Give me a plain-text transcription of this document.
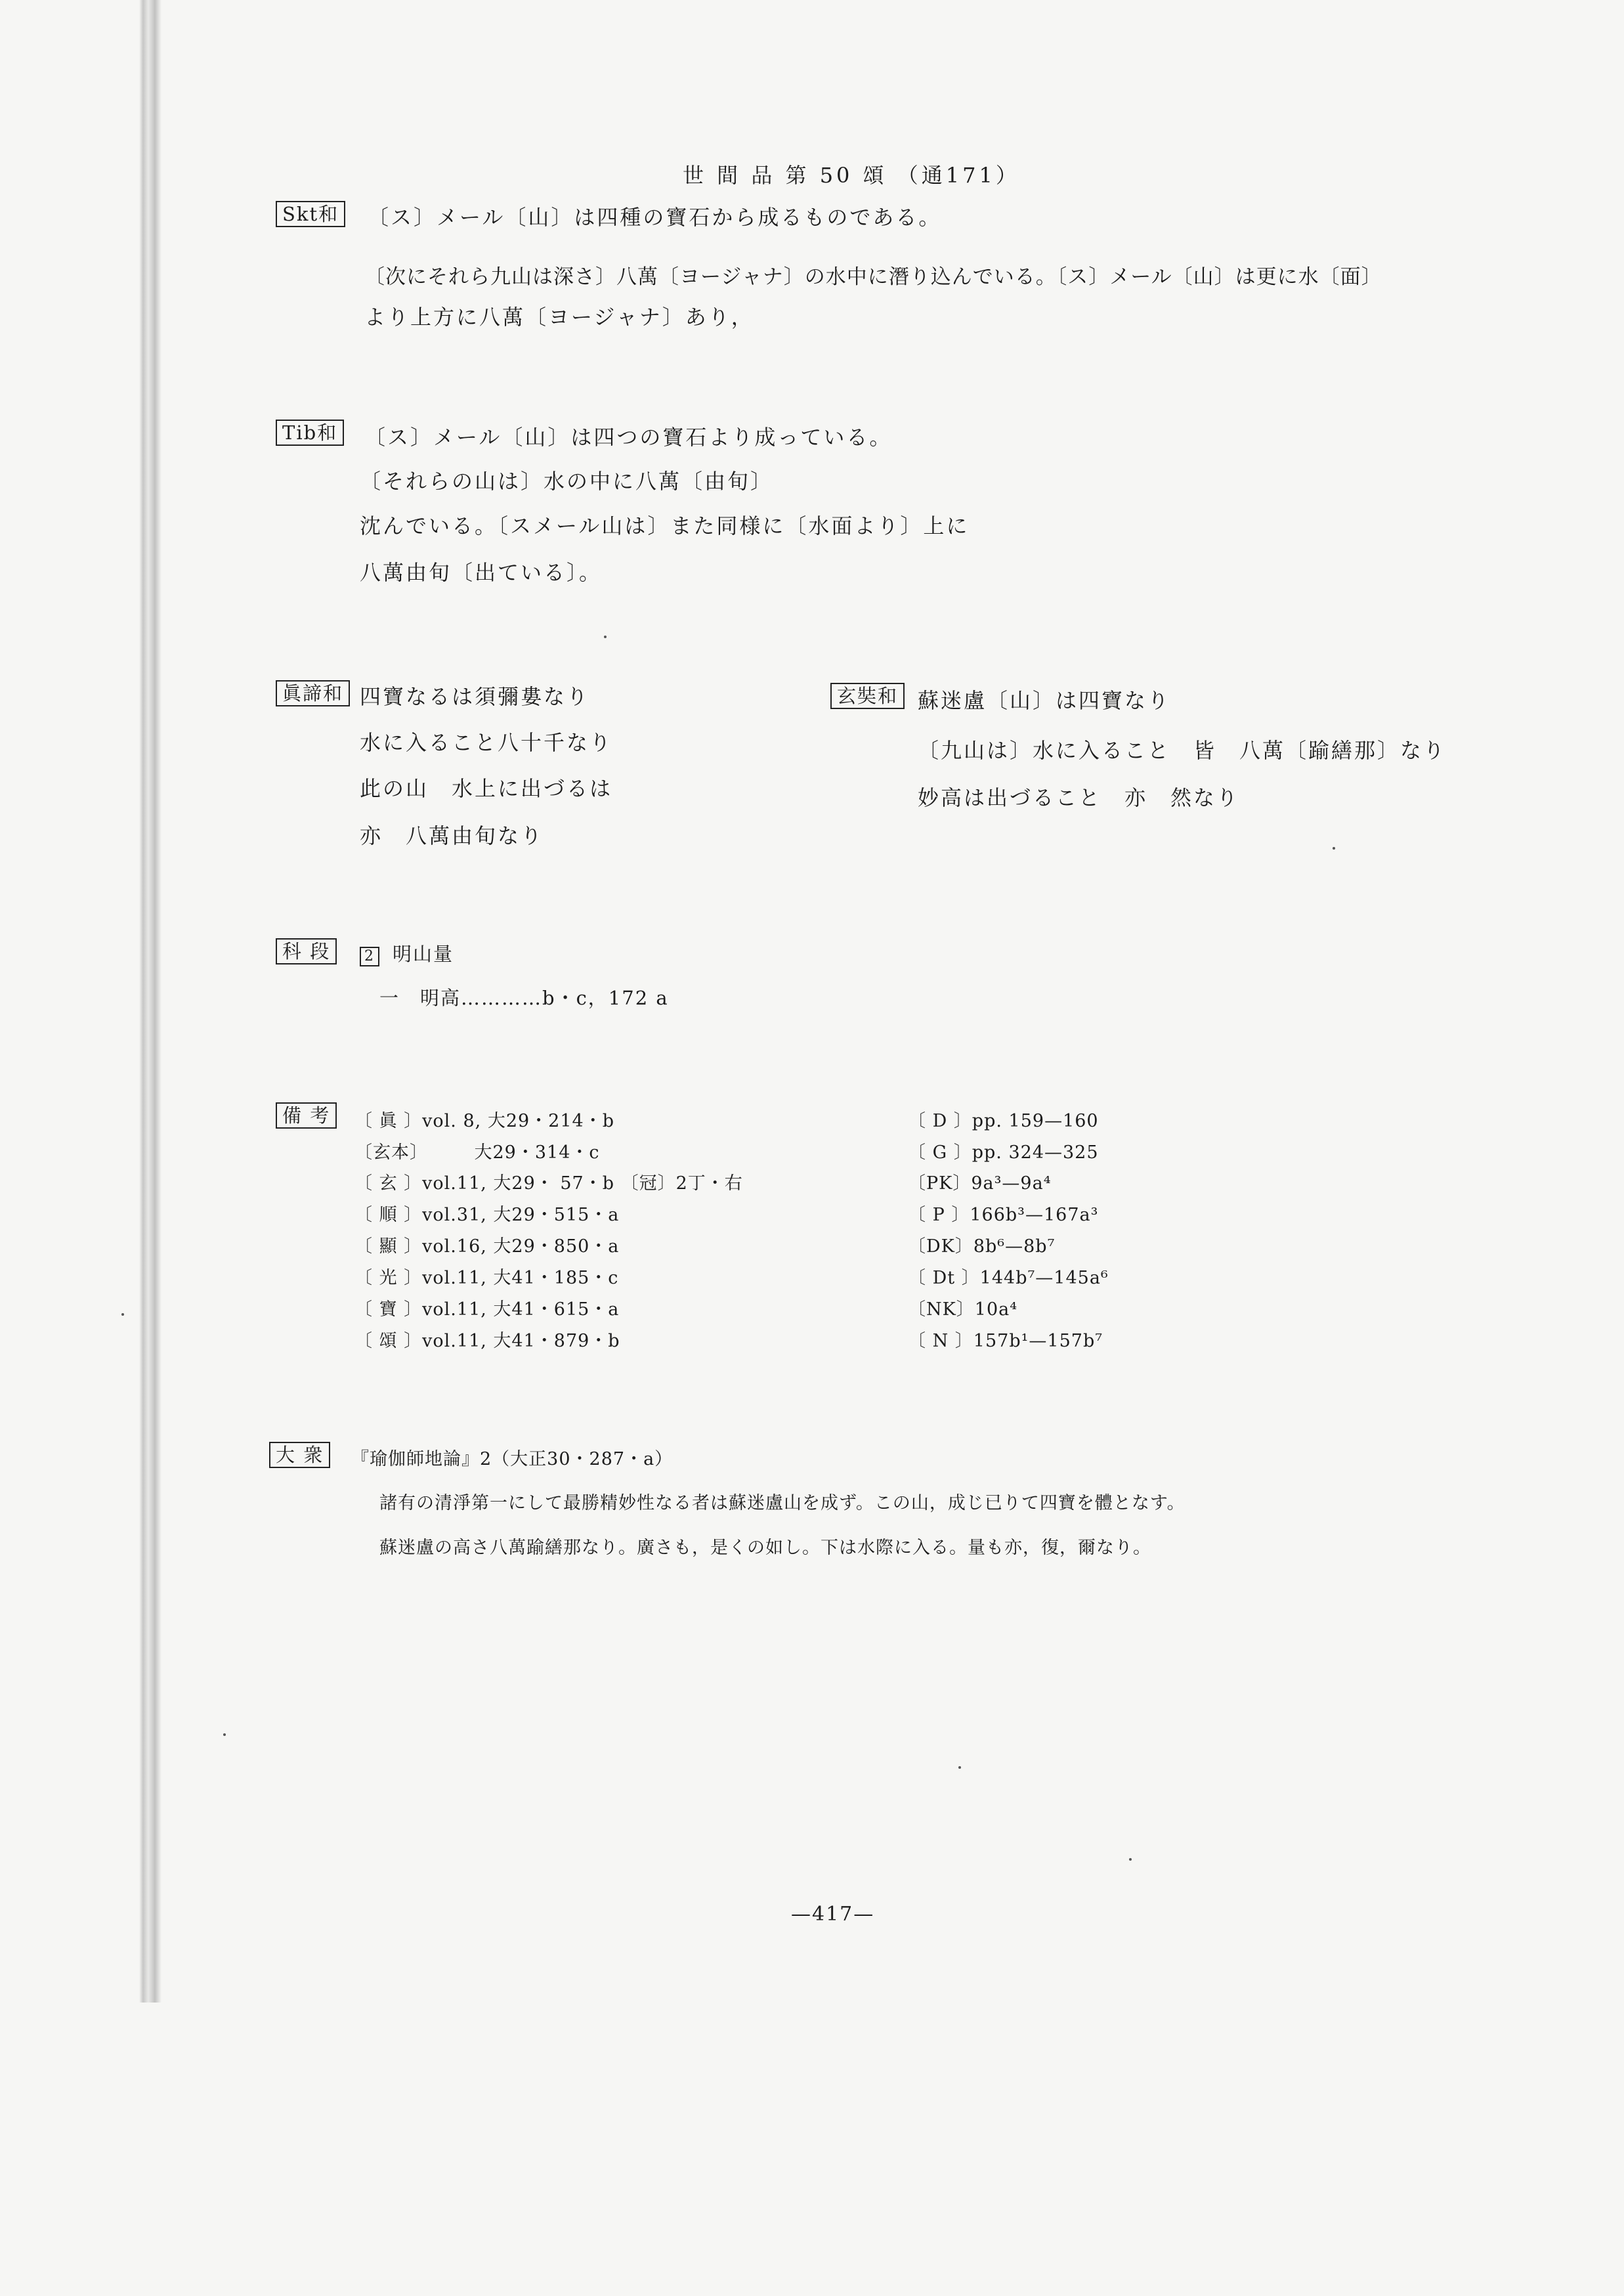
世 間 品 第 50 頌 （通171）
Skt和	〔ス〕メール〔山〕は四種の寶石から成るものである。
〔次にそれら九山は深さ〕八萬〔ヨージャナ〕の水中に潛り込んでいる。〔ス〕メール〔山〕は更に水〔面〕
より上方に八萬〔ヨージャナ〕あり，
Tib和	〔ス〕メール〔山〕は四つの寶石より成っている。
〔それらの山は〕水の中に八萬〔由旬〕
沈んでいる。〔スメール山は〕また同様に〔水面より〕上に
八萬由旬〔出ている〕。
眞諦和 四寶なるは須彌婁なり
水に入ること八十千なり
此の山　水上に出づるは
亦　八萬由旬なり
玄奘和 蘇迷盧〔山〕は四寶なり
〔九山は〕水に入ること　皆　八萬〔踰繕那〕なり
妙高は出づること　亦　然なり
科 段	2 明山量
一　明高…………b・c，172 a
備 考	〔 眞 〕vol. 8, 大29・214・b
〔玄本〕　　　大29・314・c
〔 玄 〕vol.11, 大29・ 57・b 〔冠〕2丁・右
〔 順 〕vol.31, 大29・515・a
〔 顯 〕vol.16, 大29・850・a
〔 光 〕vol.11, 大41・185・c
〔 寶 〕vol.11, 大41・615・a
〔 頌 〕vol.11, 大41・879・b
〔 D 〕pp. 159—160
〔 G 〕pp. 324—325
〔PK〕9a³—9a⁴
〔 P 〕166b³—167a³
〔DK〕8b⁶—8b⁷
〔 Dt 〕144b⁷—145a⁶
〔NK〕10a⁴
〔 N 〕157b¹—157b⁷
大 衆	『瑜伽師地論』2（大正30・287・a）
諸有の清淨第一にして最勝精妙性なる者は蘇迷盧山を成ず。この山，成じ已りて四寶を體となす。
蘇迷盧の高さ八萬踰繕那なり。廣さも，是くの如し。下は水際に入る。量も亦，復，爾なり。
—417—
